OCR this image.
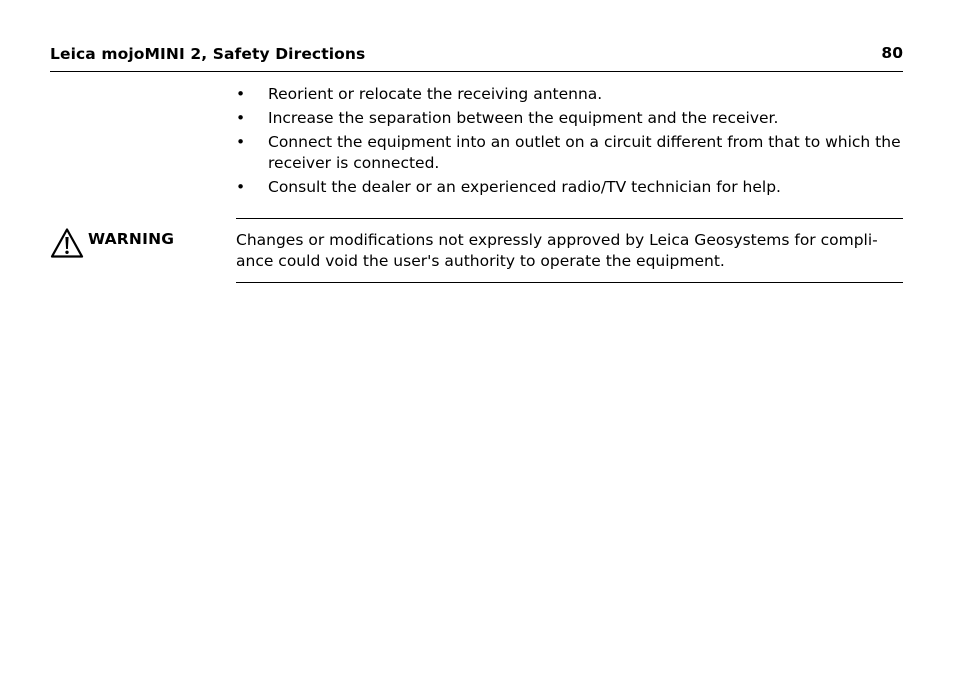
Leica mojoMINI 2, Safety Directions	80
• Reorient or relocate the receiving antenna.
• Increase the separation between the equipment and the receiver.
• Connect the equipment into an outlet on a circuit different from that to which the receiver is connected.
• Consult the dealer or an experienced radio/TV technician for help.
WARNING	Changes or modifications not expressly approved by Leica Geosystems for compli-
ance could void the user's authority to operate the equipment.
